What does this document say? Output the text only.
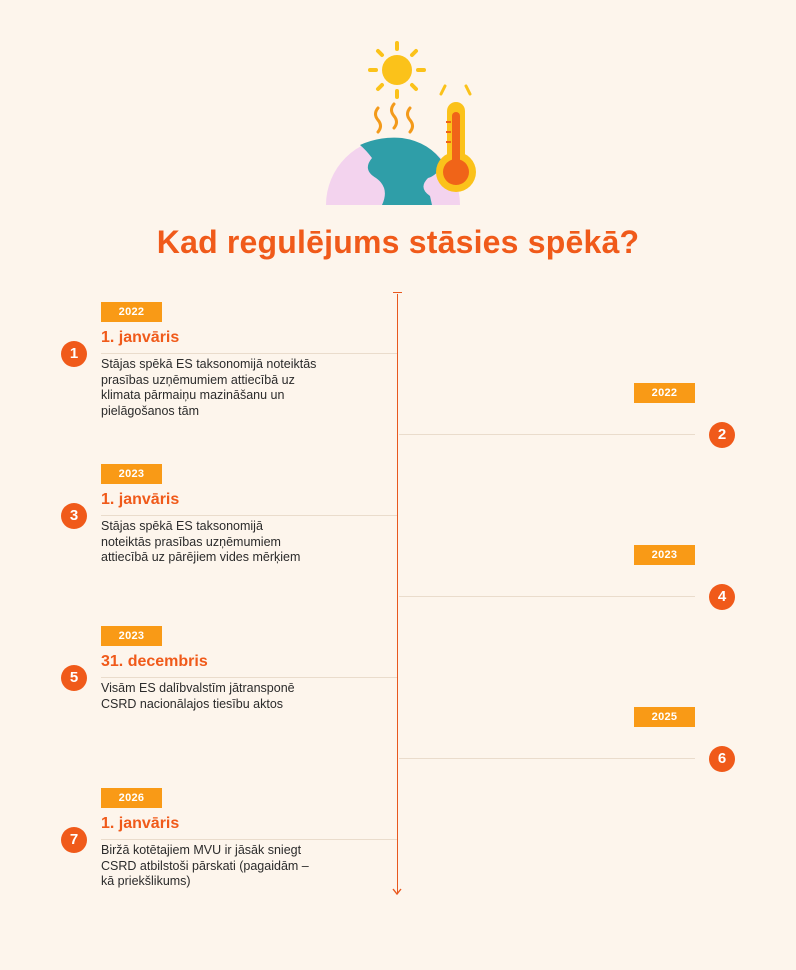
Kad regulējums stāsies spēkā?
2022
1. janvāris
1
Stājas spēkā ES taksonomijā noteiktās prasības uzņēmumiem attiecībā uz klimata pārmaiņu mazināšanu un pielāgošanos tām
2022
2
2023
1. janvāris
3
Stājas spēkā ES taksonomijā noteiktās prasības uzņēmumiem attiecībā uz pārējiem vides mērķiem	2023
4
2023
31. decembris
5
Visām ES dalībvalstīm jātransponē CSRD nacionālajos tiesību aktos
2025
6
2026
1. janvāris
7
Biržā kotētajiem MVU ir jāsāk sniegt CSRD atbilstoši pārskati (pagaidām – kā priekšlikums)
